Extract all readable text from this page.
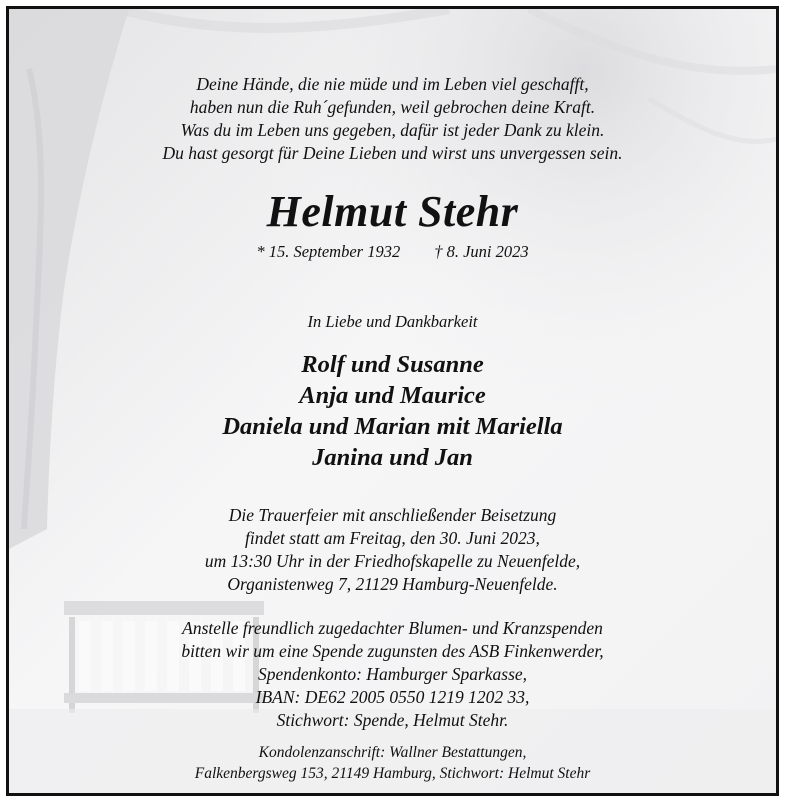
Deine Hände, die nie müde und im Leben viel geschafft,
haben nun die Ruh´gefunden, weil gebrochen deine Kraft.
Was du im Leben uns gegeben, dafür ist jeder Dank zu klein.
Du hast gesorgt für Deine Lieben und wirst uns unvergessen sein.
Helmut Stehr
* 15. September 1932 † 8. Juni 2023
In Liebe und Dankbarkeit
Rolf und Susanne
Anja und Maurice
Daniela und Marian mit Mariella
Janina und Jan
Die Trauerfeier mit anschließender Beisetzung
findet statt am Freitag, den 30. Juni 2023,
um 13:30 Uhr in der Friedhofskapelle zu Neuenfelde,
Organistenweg 7, 21129 Hamburg-Neuenfelde.
Anstelle freundlich zugedachter Blumen- und Kranzspenden
bitten wir um eine Spende zugunsten des ASB Finkenwerder,
Spendenkonto: Hamburger Sparkasse,
IBAN: DE62 2005 0550 1219 1202 33,
Stichwort: Spende, Helmut Stehr.
Kondolenzanschrift: Wallner Bestattungen,
Falkenbergsweg 153, 21149 Hamburg, Stichwort: Helmut Stehr
